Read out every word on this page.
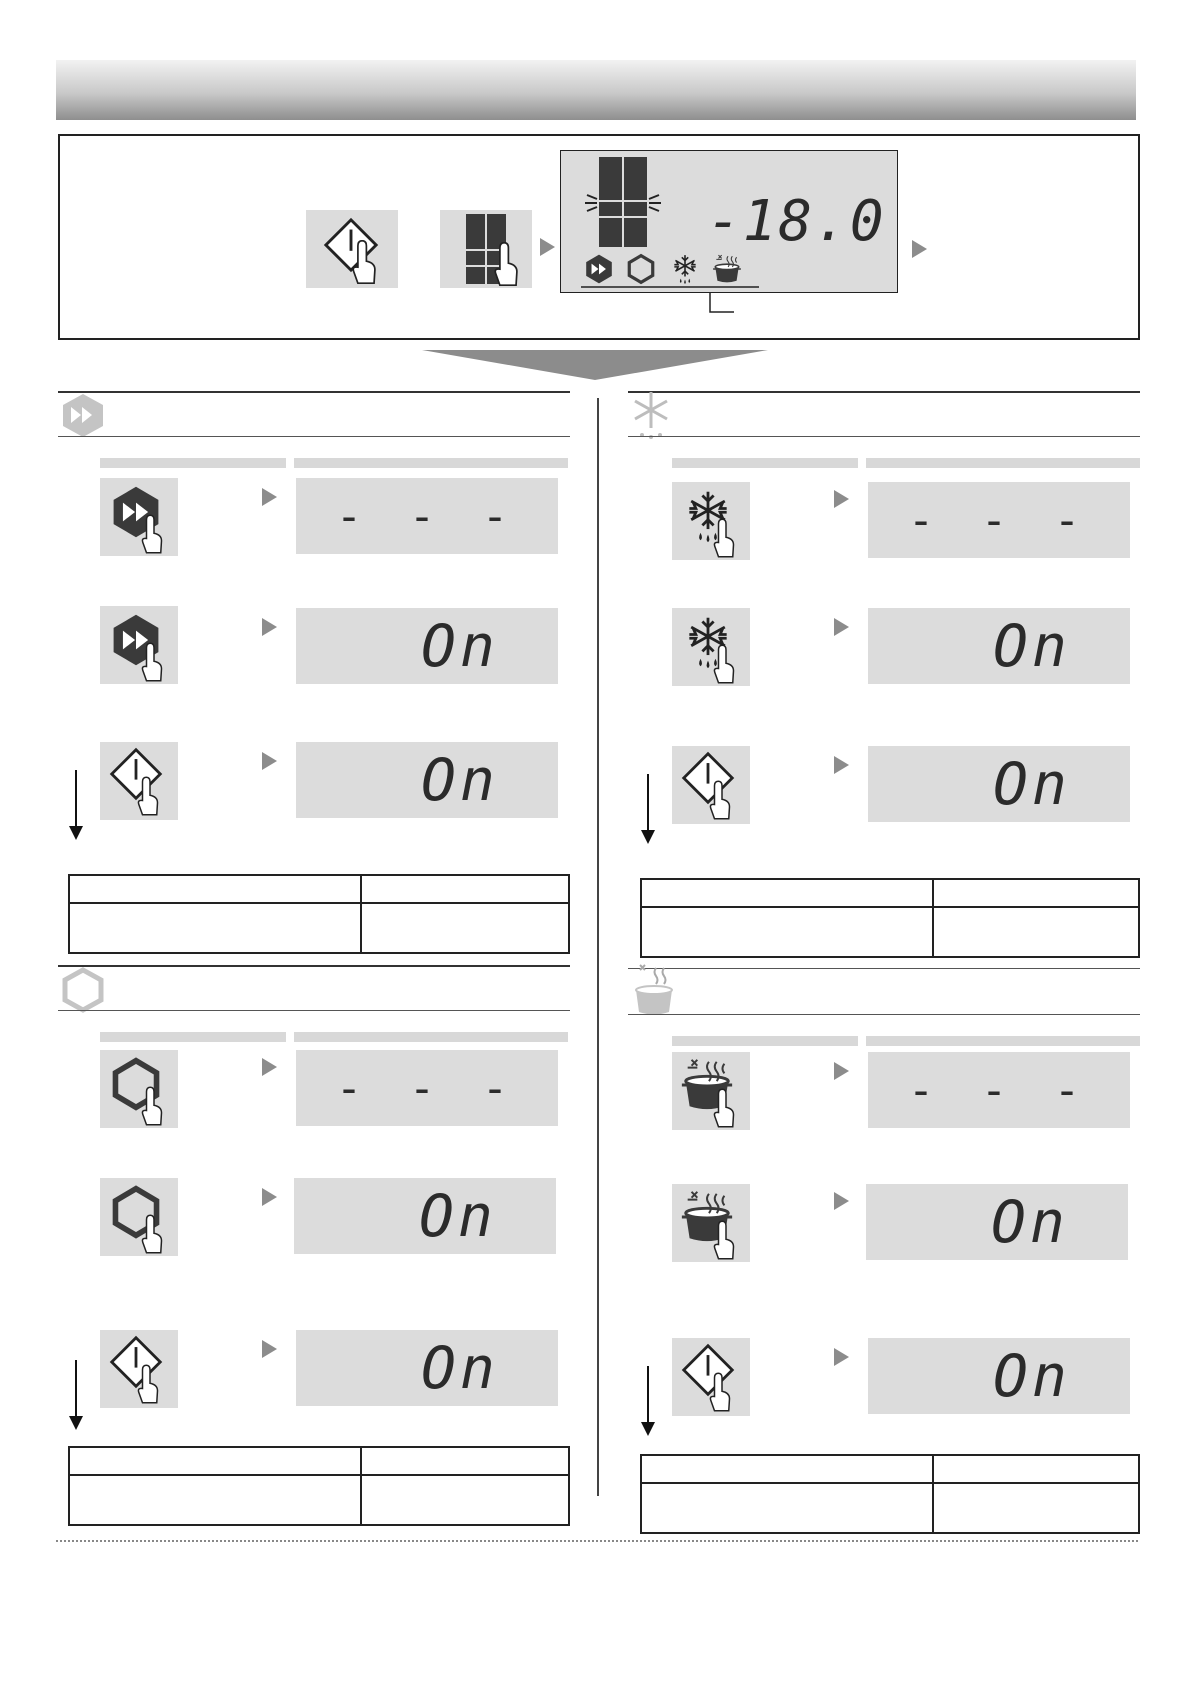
-18.0
- - -
On
On
- - -
On
On
- - -
On
On
- - -
On
On
